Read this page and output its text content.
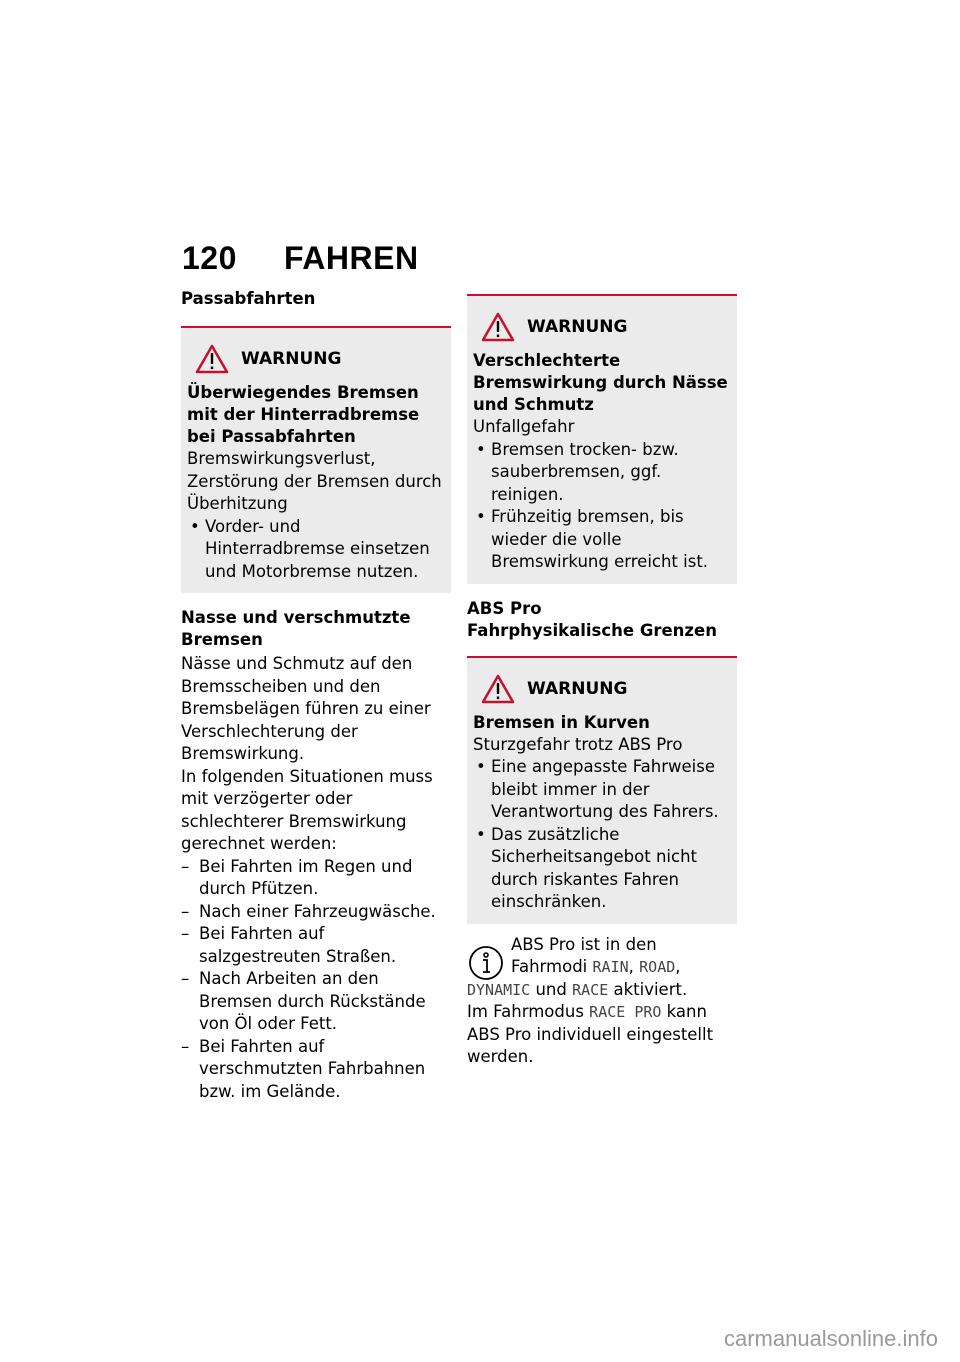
120 FAHREN

Passabfahrten

WARNUNG

Überwiegendes Bremsen mit der Hinterradbremse bei Passabfahrten

Bremswirkungsverlust, Zerstörung der Bremsen durch Überhitzung

• Vorder- und Hinterradbremse einsetzen und Motorbremse nutzen.

Nasse und verschmutzte Bremsen

Nässe und Schmutz auf den Bremsscheiben und den Bremsbelägen führen zu einer Verschlechterung der Bremswirkung.

In folgenden Situationen muss mit verzögerter oder schlechterer Bremswirkung gerechnet werden:

– Bei Fahrten im Regen und durch Pfützen.
– Nach einer Fahrzeugwäsche.
– Bei Fahrten auf salzgestreuten Straßen.
– Nach Arbeiten an den Bremsen durch Rückstände von Öl oder Fett.
– Bei Fahrten auf verschmutzten Fahrbahnen bzw. im Gelände.
WARNUNG

Verschlechterte Bremswirkung durch Nässe und Schmutz

Unfallgefahr

• Bremsen trocken- bzw. sauberbremsen, ggf. reinigen.
• Frühzeitig bremsen, bis wieder die volle Bremswirkung erreicht ist.

ABS Pro

Fahrphysikalische Grenzen

WARNUNG

Bremsen in Kurven

Sturzgefahr trotz ABS Pro

• Eine angepasste Fahrweise bleibt immer in der Verantwortung des Fahrers.
• Das zusätzliche Sicherheitsangebot nicht durch riskantes Fahren einschränken.
ABS Pro ist in den
Fahrmodi RAIN, ROAD,
DYNAMIC und RACE aktiviert.
Im Fahrmodus RACE PRO kann ABS Pro individuell eingestellt werden.
carmanualsonline.info
